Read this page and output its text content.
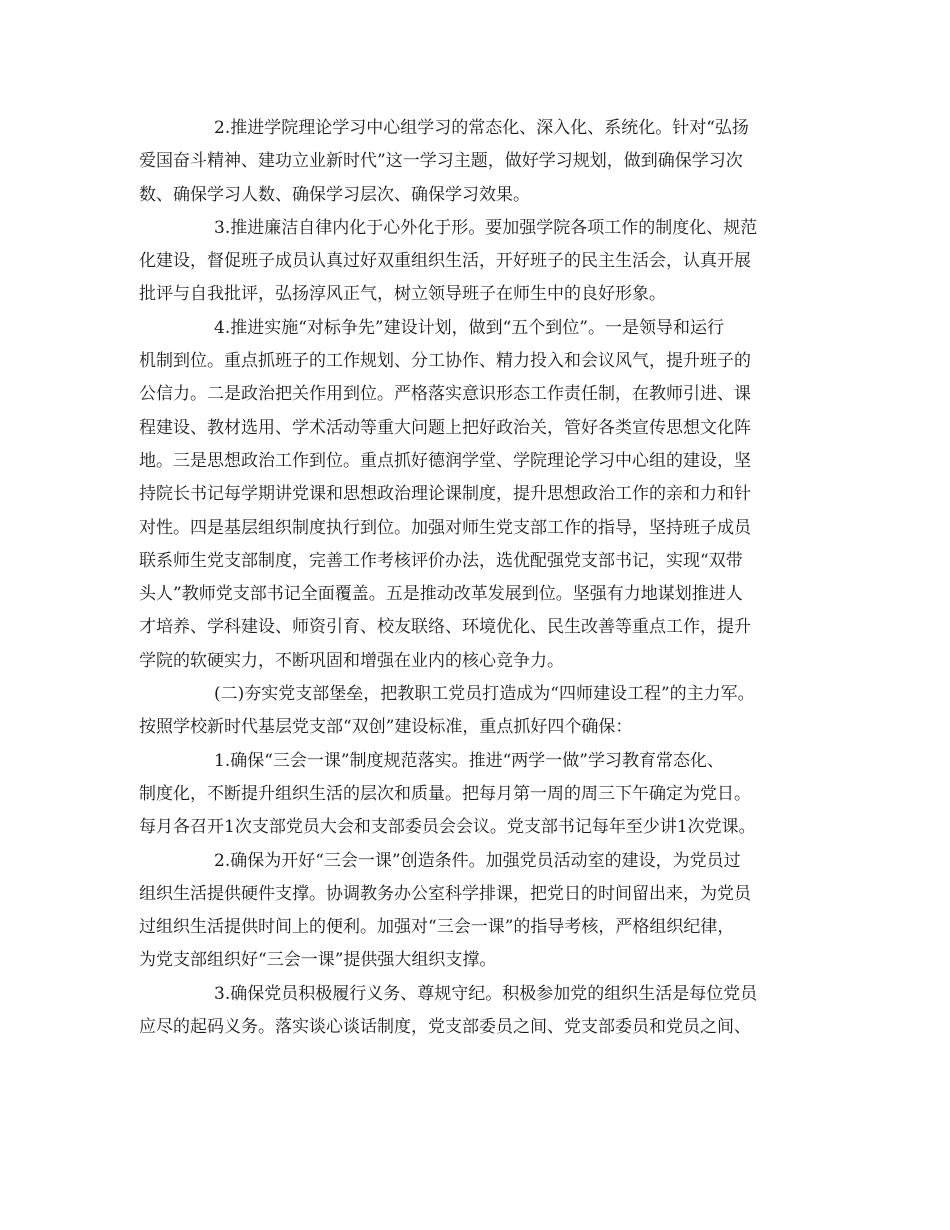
2.推进学院理论学习中心组学习的常态化、深入化、系统化。针对“弘扬
爱国奋斗精神、建功立业新时代”这一学习主题，做好学习规划，做到确保学习次
数、确保学习人数、确保学习层次、确保学习效果。
3.推进廉洁自律内化于心外化于形。要加强学院各项工作的制度化、规范
化建设，督促班子成员认真过好双重组织生活，开好班子的民主生活会，认真开展
批评与自我批评，弘扬淳风正气，树立领导班子在师生中的良好形象。
4.推进实施“对标争先”建设计划，做到“五个到位”。一是领导和运行
机制到位。重点抓班子的工作规划、分工协作、精力投入和会议风气，提升班子的
公信力。二是政治把关作用到位。严格落实意识形态工作责任制，在教师引进、课
程建设、教材选用、学术活动等重大问题上把好政治关，管好各类宣传思想文化阵
地。三是思想政治工作到位。重点抓好德润学堂、学院理论学习中心组的建设，坚
持院长书记每学期讲党课和思想政治理论课制度，提升思想政治工作的亲和力和针
对性。四是基层组织制度执行到位。加强对师生党支部工作的指导，坚持班子成员
联系师生党支部制度，完善工作考核评价办法，选优配强党支部书记，实现“双带
头人”教师党支部书记全面覆盖。五是推动改革发展到位。坚强有力地谋划推进人
才培养、学科建设、师资引育、校友联络、环境优化、民生改善等重点工作，提升
学院的软硬实力，不断巩固和增强在业内的核心竞争力。
(二)夯实党支部堡垒，把教职工党员打造成为“四师建设工程”的主力军。
按照学校新时代基层党支部“双创”建设标准，重点抓好四个确保：
1.确保“三会一课”制度规范落实。推进“两学一做”学习教育常态化、
制度化，不断提升组织生活的层次和质量。把每月第一周的周三下午确定为党日。
每月各召开1次支部党员大会和支部委员会会议。党支部书记每年至少讲1次党课。
2.确保为开好“三会一课”创造条件。加强党员活动室的建设，为党员过
组织生活提供硬件支撑。协调教务办公室科学排课，把党日的时间留出来，为党员
过组织生活提供时间上的便利。加强对“三会一课”的指导考核，严格组织纪律，
为党支部组织好“三会一课”提供强大组织支撑。
3.确保党员积极履行义务、尊规守纪。积极参加党的组织生活是每位党员
应尽的起码义务。落实谈心谈话制度，党支部委员之间、党支部委员和党员之间、
